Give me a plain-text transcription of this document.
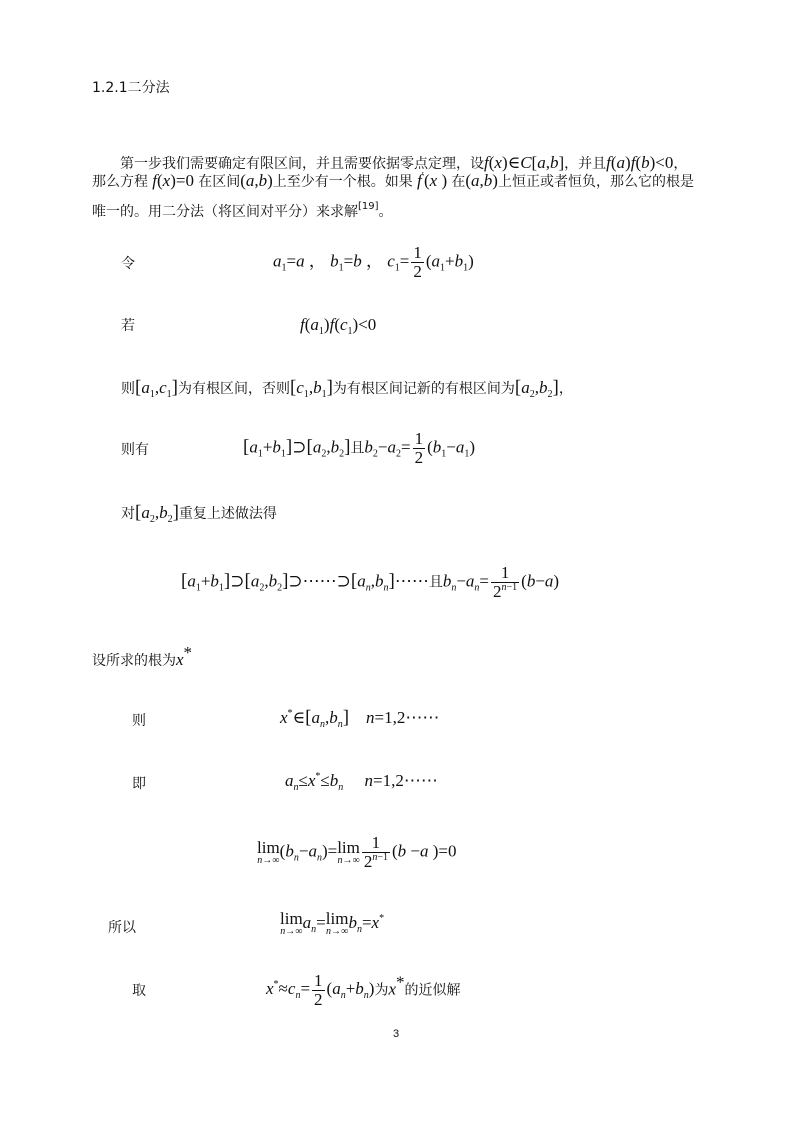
1.2.1二分法
第一步我们需要确定有限区间，并且需要依据零点定理，设f(x)∈C[a,b]，并且f(a)f(b)<0，
那么方程 f(x)=0 在区间(a,b)上至少有一个根。如果 f′(x ) 在(a,b)上恒正或者恒负，那么它的根是
唯一的。用二分法（将区间对平分）来求解[19]。
令	$a_1=a$ ， $b_1=b$ ， $c_1= \frac{1}{2} (a_1+b_1)$
若	$f(a_1)f(c_1)<0$
则$[a_1,c_1]$为有根区间，否则$[c_1,b_1]$为有根区间记新的有根区间为$[a_2,b_2]$，
则有	$[a_1+b_1]⊃[a_2,b_2]$且$b_2-a_2= \frac{1}{2} (b_1-a_1)$
对$[a_2,b_2]$重复上述做法得
$[a_1+b_1]⊃[a_2,b_2]⊃\cdots\cdots⊃[a_n,b_n]\cdots\cdots$且$b_n-a_n= \frac{1}{2^{n-1}} (b-a)$
设所求的根为x*
则	$x^*\in[a_n,b_n]$ n=1,2⋯⋯
即	$a_n\le x^*\le b_n$ n=1,2⋯⋯
lim
n→∞ $(b_n-a_n)=\lim$
$n\to\infty \frac{1}{2^{n-1}} (b -a$ )=0
所以	lim
n→∞ $a_n=\lim$
n→∞ $b_n=x^*$
取	$x^*\approx c_n= \frac{1}{2} (a_n+b_n)$为x*的近似解
3
